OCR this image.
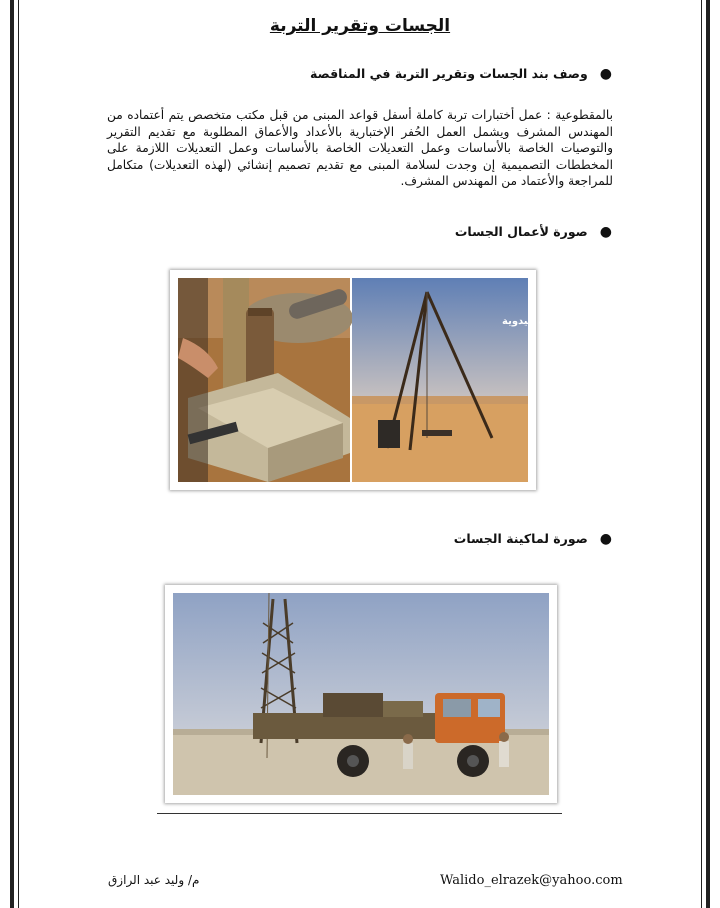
الجسات وتقرير التربة
●وصف بند الجسات وتقرير التربة في المناقصة
بالمقطوعية : عمل أختبارات تربة كاملة أسفل قواعد المبنى من قبل مكتب متخصص يتم أعتماده من المهندس المشرف ويشمل العمل الحُفر الإختبارية بالأعداد والأعماق المطلوبة مع تقديم التقرير والتوصيات الخاصة بالأساسات وعمل التعديلات الخاصة بالأساسات وعمل التعديلات اللازمة على المخططات التصميمية إن وجدت لسلامة المبنى مع تقديم تصميم إنشائي (لهذه التعديلات) متكامل للمراجعة والأعتماد من المهندس المشرف.
●صورة لأعمال الجسات
أداة الجسة اليدوية
●صورة لماكينة الجسات
Walido_elrazek@yahoo.com
م/ وليد عبد الرازق
